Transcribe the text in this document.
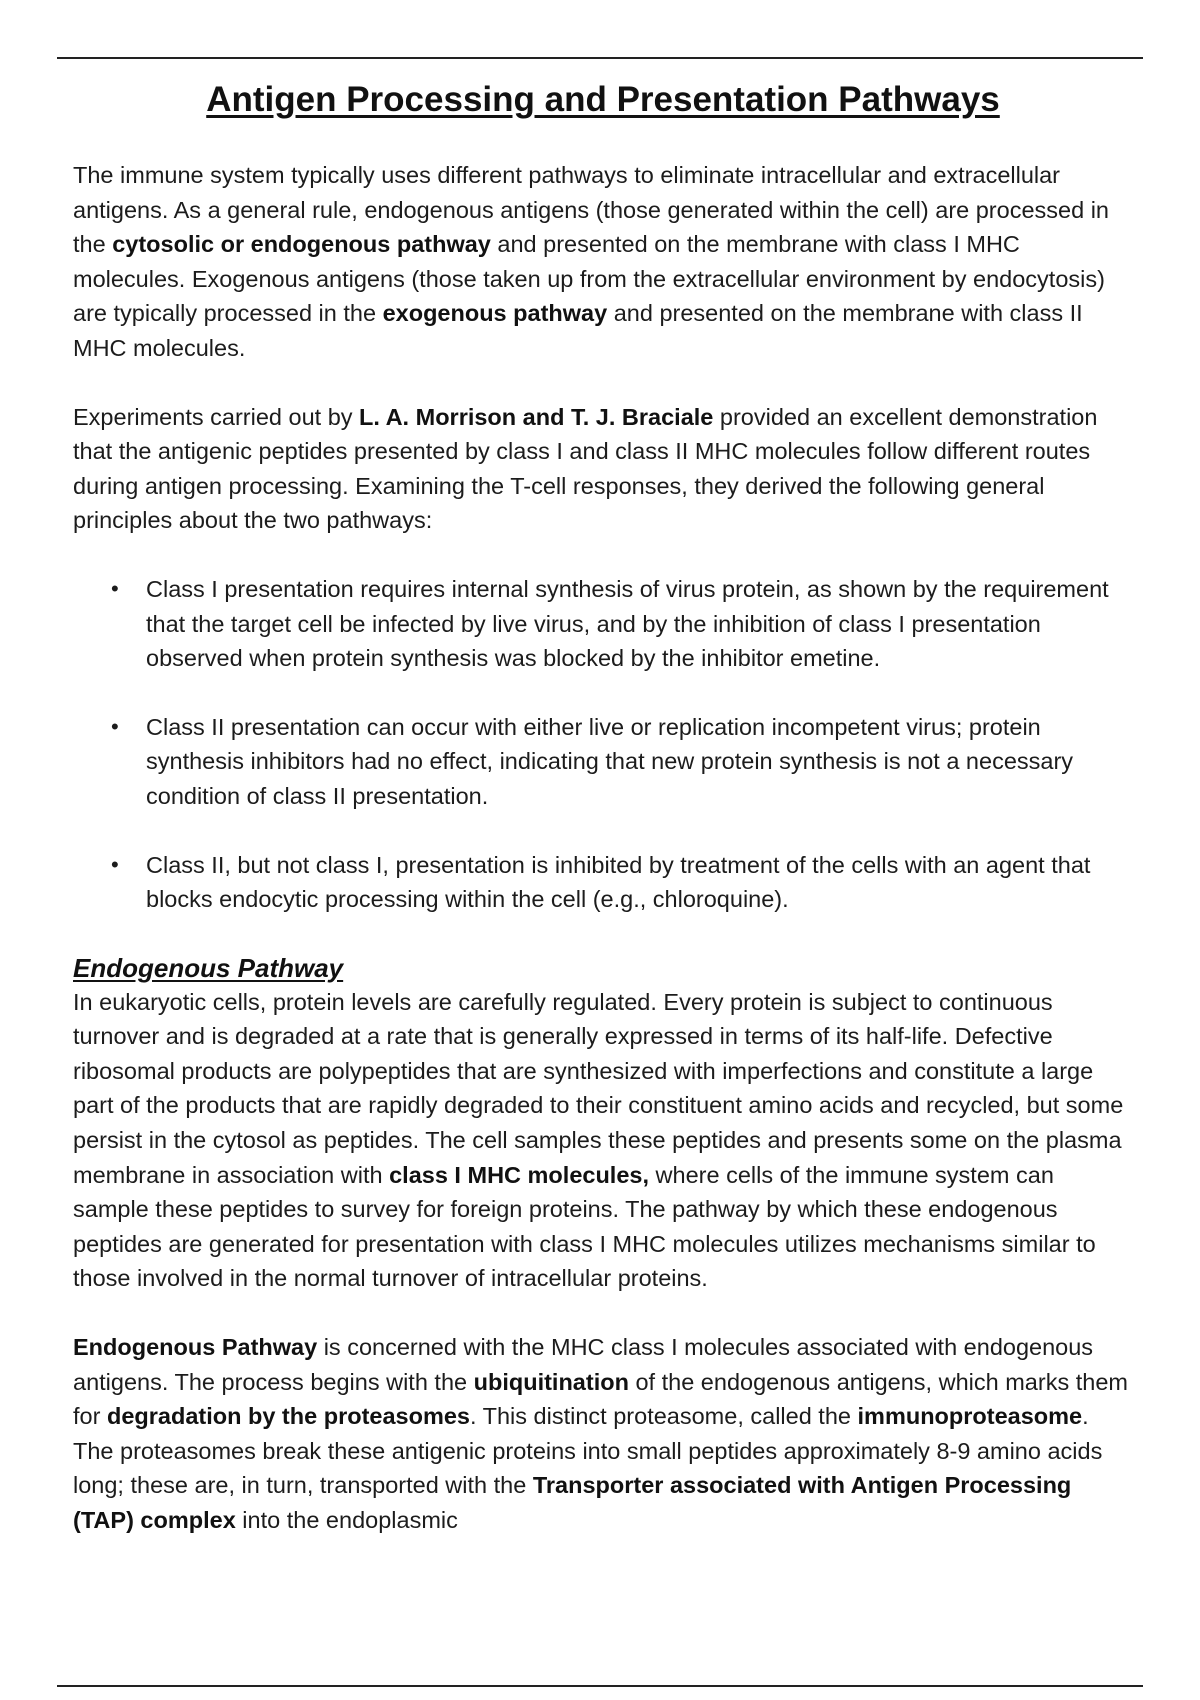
Antigen Processing and Presentation Pathways

The immune system typically uses different pathways to eliminate intracellular and extracellular antigens. As a general rule, endogenous antigens (those generated within the cell) are processed in the cytosolic or endogenous pathway and presented on the membrane with class I MHC molecules. Exogenous antigens (those taken up from the extracellular environment by endocytosis) are typically processed in the exogenous pathway and presented on the membrane with class II MHC molecules.

Experiments carried out by L. A. Morrison and T. J. Braciale provided an excellent demonstration that the antigenic peptides presented by class I and class II MHC molecules follow different routes during antigen processing. Examining the T-cell responses, they derived the following general principles about the two pathways:

• Class I presentation requires internal synthesis of virus protein, as shown by the requirement that the target cell be infected by live virus, and by the inhibition of class I presentation observed when protein synthesis was blocked by the inhibitor emetine.
• Class II presentation can occur with either live or replication incompetent virus; protein synthesis inhibitors had no effect, indicating that new protein synthesis is not a necessary condition of class II presentation.
• Class II, but not class I, presentation is inhibited by treatment of the cells with an agent that blocks endocytic processing within the cell (e.g., chloroquine).
Endogenous Pathway

In eukaryotic cells, protein levels are carefully regulated. Every protein is subject to continuous turnover and is degraded at a rate that is generally expressed in terms of its half-life. Defective ribosomal products are polypeptides that are synthesized with imperfections and constitute a large part of the products that are rapidly degraded to their constituent amino acids and recycled, but some persist in the cytosol as peptides. The cell samples these peptides and presents some on the plasma membrane in association with class I MHC molecules, where cells of the immune system can sample these peptides to survey for foreign proteins. The pathway by which these endogenous peptides are generated for presentation with class I MHC molecules utilizes mechanisms similar to those involved in the normal turnover of intracellular proteins.

Endogenous Pathway is concerned with the MHC class I molecules associated with endogenous antigens. The process begins with the ubiquitination of the endogenous antigens, which marks them for degradation by the proteasomes. This distinct proteasome, called the immunoproteasome. The proteasomes break these antigenic proteins into small peptides approximately 8-9 amino acids long; these are, in turn, transported with the Transporter associated with Antigen Processing (TAP) complex into the endoplasmic
